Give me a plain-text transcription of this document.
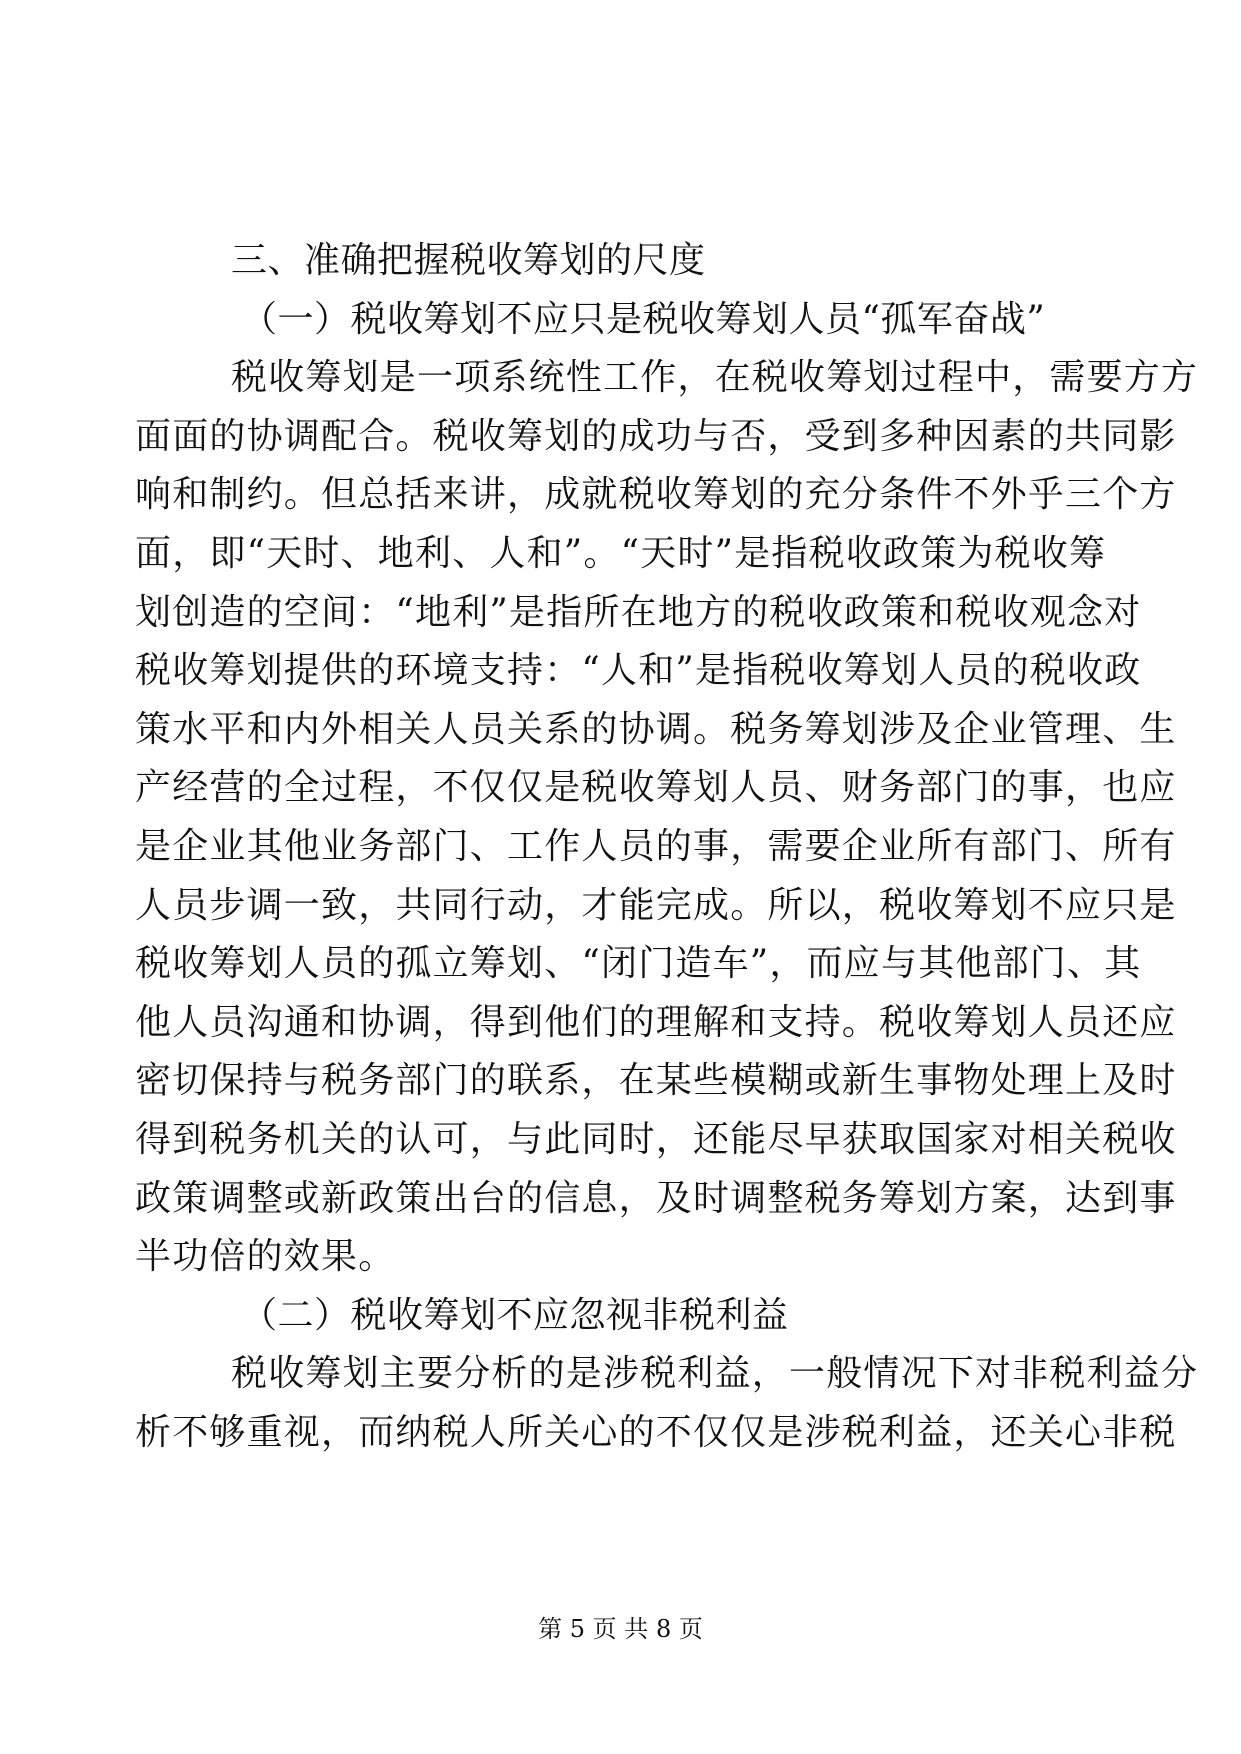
三、准确把握税收筹划的尺度

（一）税收筹划不应只是税收筹划人员“孤军奋战”

税收筹划是一项系统性工作，在税收筹划过程中，需要方方

面面的协调配合。税收筹划的成功与否，受到多种因素的共同影

响和制约。但总括来讲，成就税收筹划的充分条件不外乎三个方

面，即“天时、地利、人和”。“天时”是指税收政策为税收筹

划创造的空间：“地利”是指所在地方的税收政策和税收观念对

税收筹划提供的环境支持：“人和”是指税收筹划人员的税收政

策水平和内外相关人员关系的协调。税务筹划涉及企业管理、生

产经营的全过程，不仅仅是税收筹划人员、财务部门的事，也应

是企业其他业务部门、工作人员的事，需要企业所有部门、所有

人员步调一致，共同行动，才能完成。所以，税收筹划不应只是

税收筹划人员的孤立筹划、“闭门造车”，而应与其他部门、其

他人员沟通和协调，得到他们的理解和支持。税收筹划人员还应

密切保持与税务部门的联系，在某些模糊或新生事物处理上及时

得到税务机关的认可，与此同时，还能尽早获取国家对相关税收

政策调整或新政策出台的信息，及时调整税务筹划方案，达到事

半功倍的效果。

（二）税收筹划不应忽视非税利益

税收筹划主要分析的是涉税利益，一般情况下对非税利益分

析不够重视，而纳税人所关心的不仅仅是涉税利益，还关心非税

第 5 页 共 8 页
